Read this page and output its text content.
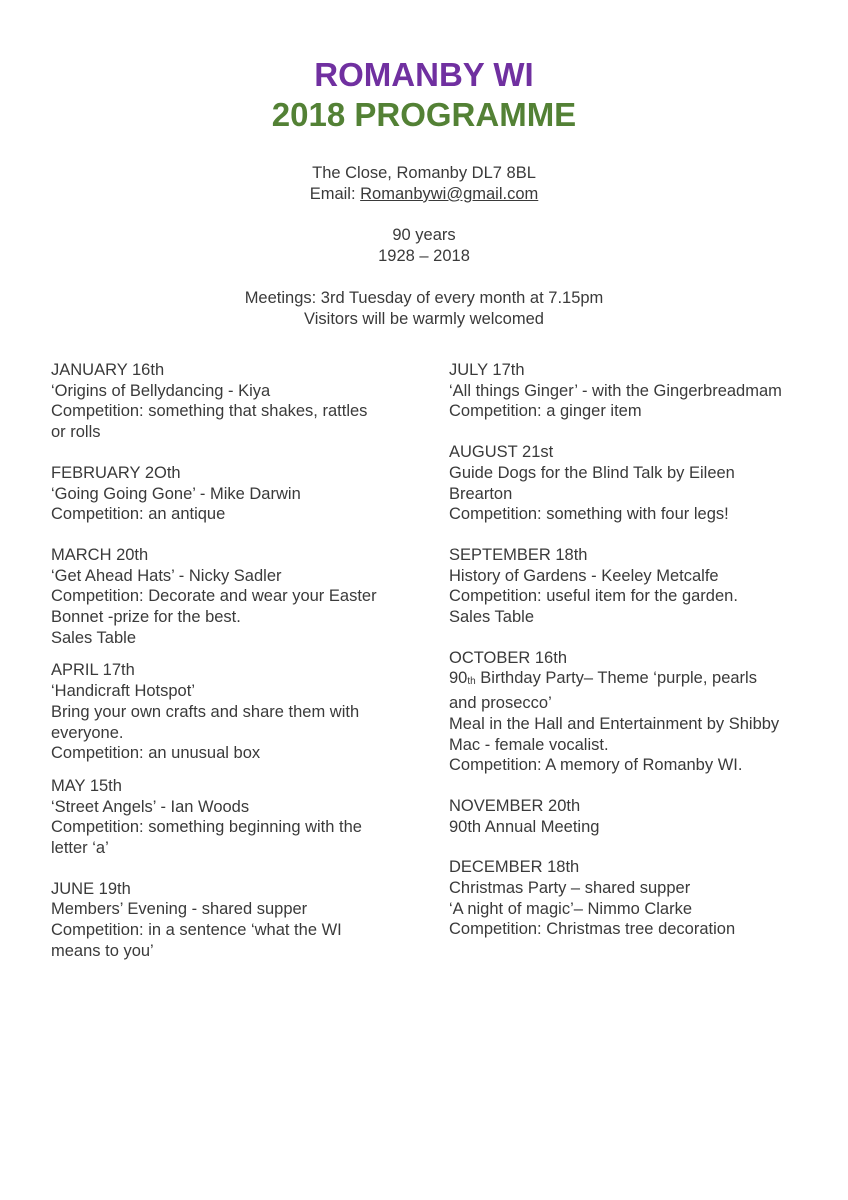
ROMANBY WI
2018 PROGRAMME
The Close, Romanby DL7 8BL
Email: Romanbywi@gmail.com
90 years
1928 – 2018
Meetings: 3rd Tuesday of every month at 7.15pm
Visitors will be warmly welcomed

JANUARY 16th

‘Origins of Bellydancing - Kiya

Competition: something that shakes, rattles

or rolls

FEBRUARY 2Oth

‘Going Going Gone’ - Mike Darwin

Competition: an antique

MARCH 20th

‘Get Ahead Hats’ - Nicky Sadler

Competition: Decorate and wear your Easter

Bonnet -prize for the best.

Sales Table

APRIL 17th

‘Handicraft Hotspot’

Bring your own crafts and share them with

everyone.

Competition: an unusual box

MAY 15th

‘Street Angels’ - Ian Woods

Competition: something beginning with the

letter ‘a’

JUNE 19th

Members’ Evening - shared supper

Competition: in a sentence ‘what the WI

means to you’

JULY 17th

‘All things Ginger’ - with the Gingerbreadmam

Competition: a ginger item

AUGUST 21st

Guide Dogs for the Blind Talk by Eileen

Brearton

Competition: something with four legs!

SEPTEMBER 18th

History of Gardens - Keeley Metcalfe

Competition: useful item for the garden.

Sales Table

OCTOBER 16th

$90_{th}$ Birthday Party– Theme ‘purple, pearls

and prosecco’

Meal in the Hall and Entertainment by Shibby

Mac - female vocalist.

Competition: A memory of Romanby WI.

NOVEMBER 20th

90th Annual Meeting

DECEMBER 18th

Christmas Party – shared supper

‘A night of magic’– Nimmo Clarke

Competition: Christmas tree decoration
